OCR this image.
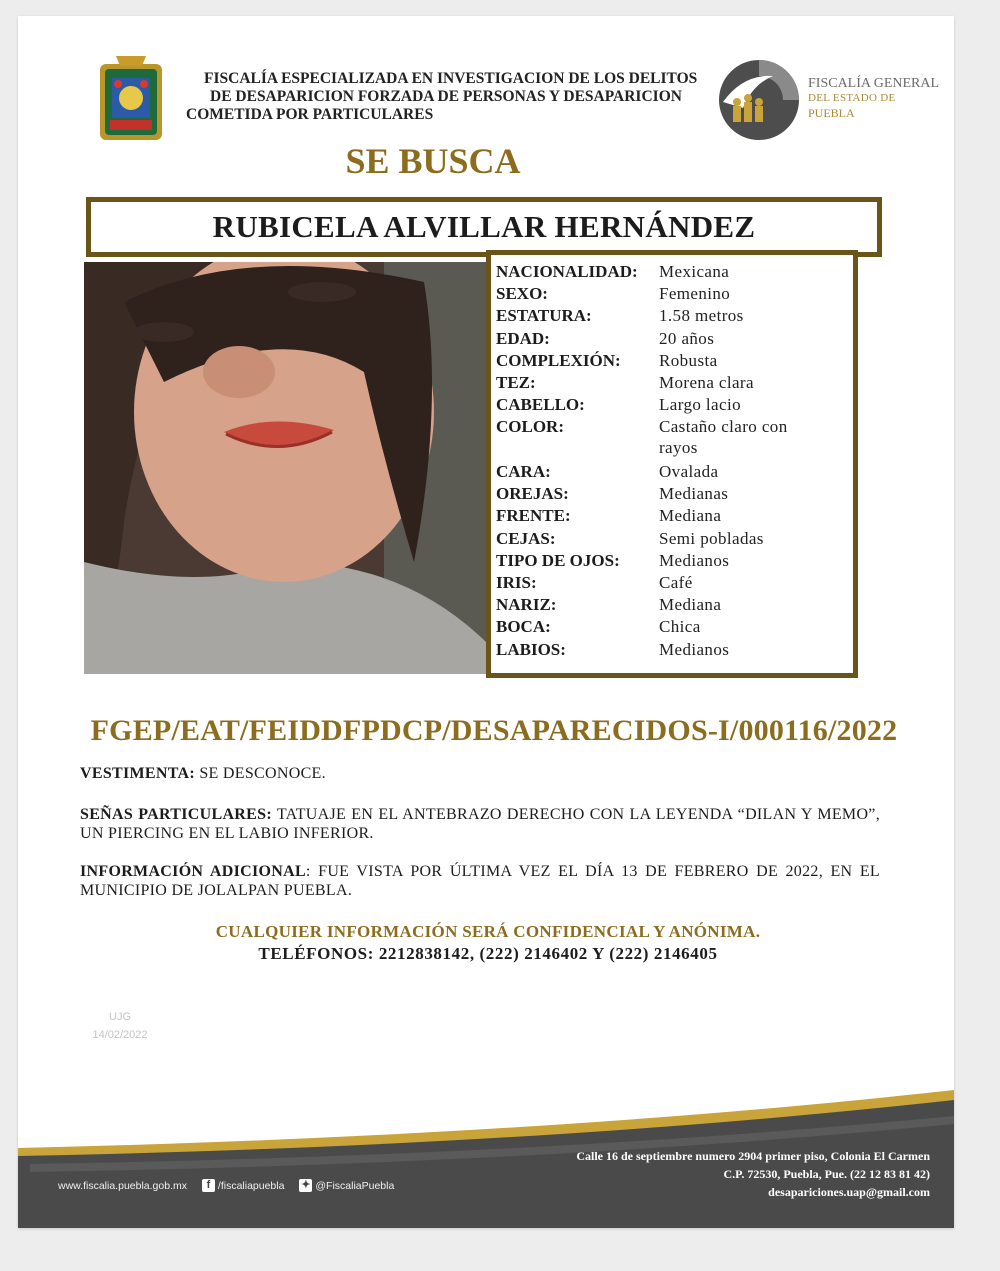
FISCALÍA ESPECIALIZADA EN INVESTIGACION DE LOS DELITOS
DE DESAPARICION FORZADA DE PERSONAS Y DESAPARICION
COMETIDA POR PARTICULARES
FISCALÍA GENERAL
DEL ESTADO DE
PUEBLA
SE BUSCA
RUBICELA ALVILLAR HERNÁNDEZ
NACIONALIDAD: Mexicana
SEXO:	Femenino
ESTATURA:	1.58 metros
EDAD:	20 años
COMPLEXIÓN: Robusta
TEZ:	Morena clara
CABELLO:	Largo lacio
COLOR:	Castaño claro con rayos
CARA:	Ovalada
OREJAS:	Medianas
FRENTE:	Mediana
CEJAS:	Semi pobladas
TIPO DE OJOS: Medianos
IRIS:	Café
NARIZ:	Mediana
BOCA:	Chica
LABIOS:	Medianos
FGEP/EAT/FEIDDFPDCP/DESAPARECIDOS-I/000116/2022
VESTIMENTA: SE DESCONOCE.
SEÑAS PARTICULARES: TATUAJE EN EL ANTEBRAZO DERECHO CON LA LEYENDA “DILAN Y MEMO”, UN PIERCING EN EL LABIO INFERIOR.
INFORMACIÓN ADICIONAL: FUE VISTA POR ÚLTIMA VEZ EL DÍA 13 DE FEBRERO DE 2022, EN EL MUNICIPIO DE JOLALPAN PUEBLA.
CUALQUIER INFORMACIÓN SERÁ CONFIDENCIAL Y ANÓNIMA.
TELÉFONOS: 2212838142, (222) 2146402 Y (222) 2146405
UJG
14/02/2022
www.fiscalia.puebla.gob.mx f /fiscaliapuebla ✦ @FiscaliaPuebla
Calle 16 de septiembre numero 2904 primer piso, Colonia El Carmen
C.P. 72530, Puebla, Pue. (22 12 83 81 42)
desapariciones.uap@gmail.com
